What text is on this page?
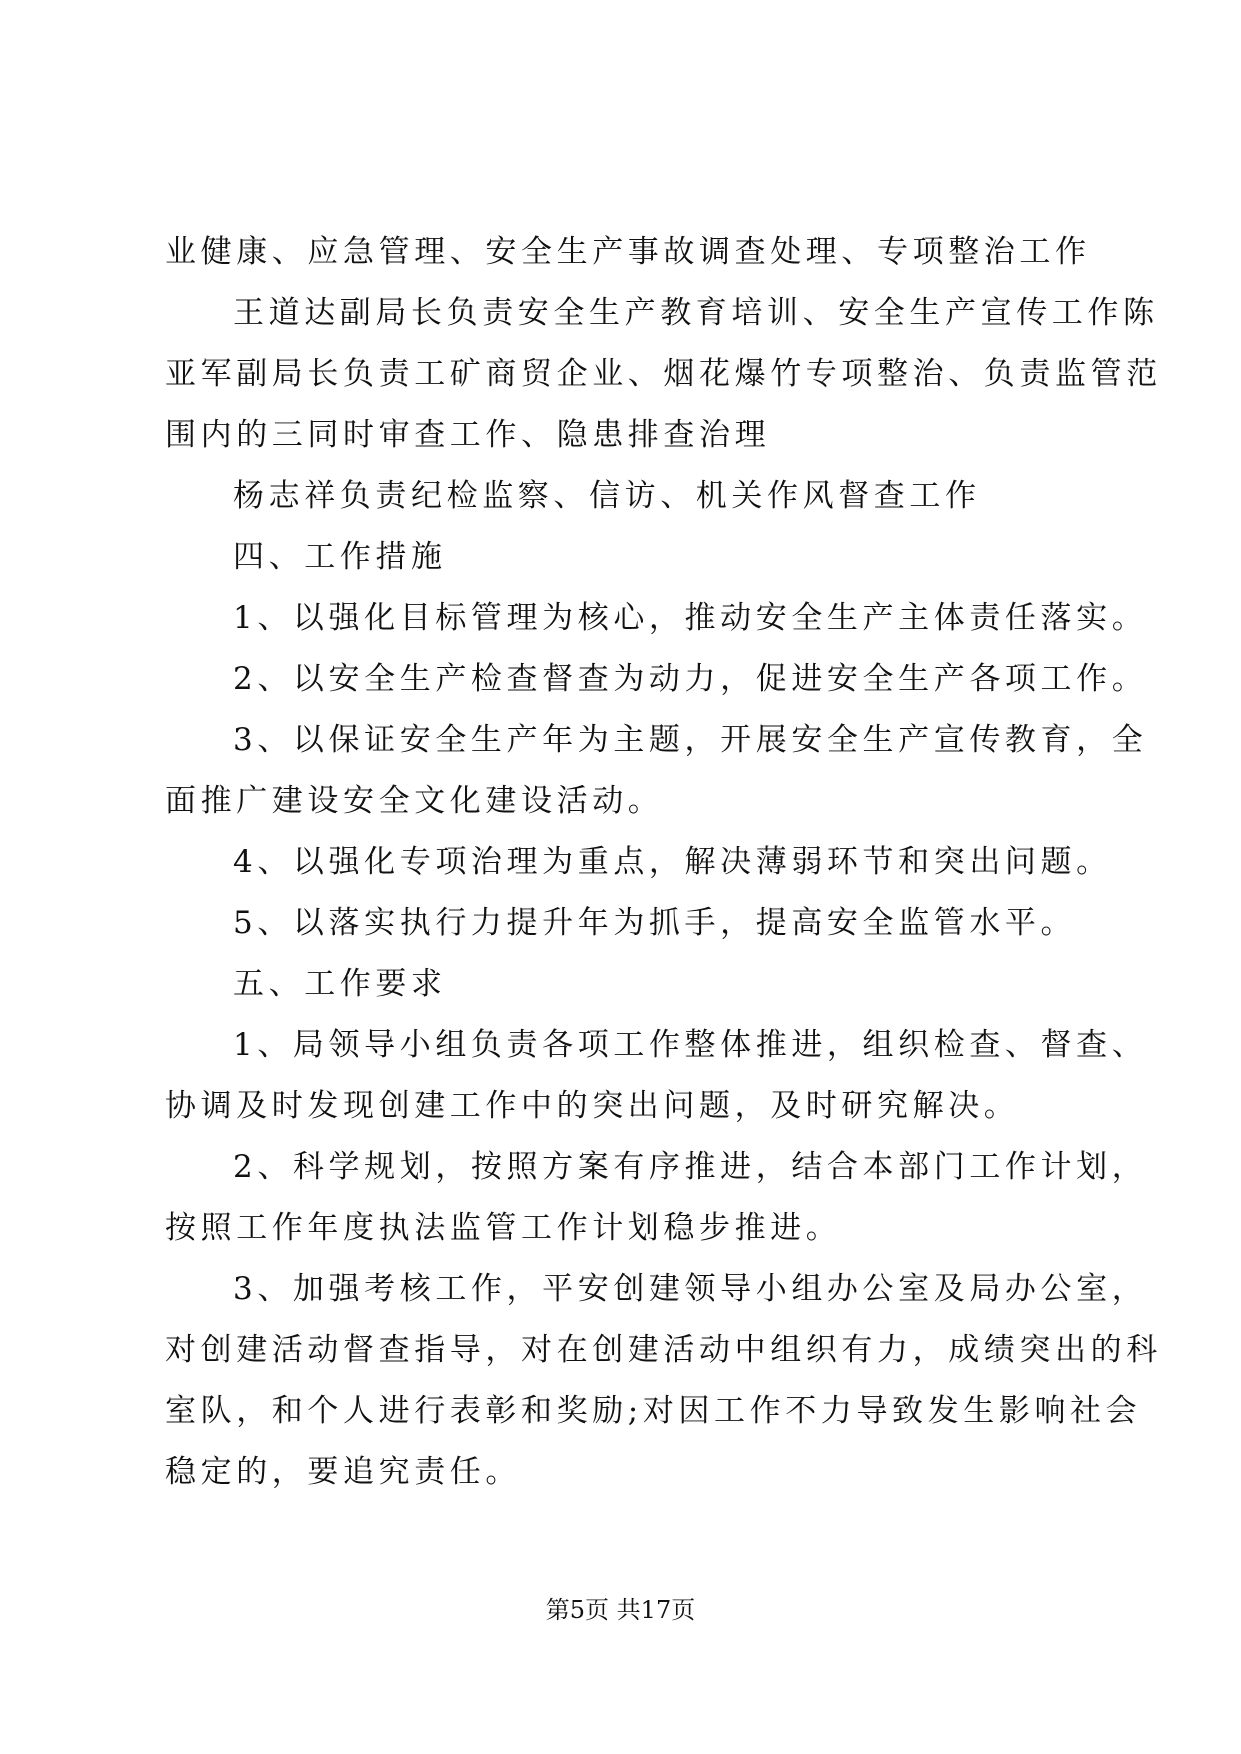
业健康、应急管理、安全生产事故调查处理、专项整治工作
王道达副局长负责安全生产教育培训、安全生产宣传工作陈
亚军副局长负责工矿商贸企业、烟花爆竹专项整治、负责监管范
围内的三同时审查工作、隐患排查治理
杨志祥负责纪检监察、信访、机关作风督查工作
四、工作措施
1、以强化目标管理为核心，推动安全生产主体责任落实。
2、以安全生产检查督查为动力，促进安全生产各项工作。
3、以保证安全生产年为主题，开展安全生产宣传教育，全
面推广建设安全文化建设活动。
4、以强化专项治理为重点，解决薄弱环节和突出问题。
5、以落实执行力提升年为抓手，提高安全监管水平。
五、工作要求
1、局领导小组负责各项工作整体推进，组织检查、督查、
协调及时发现创建工作中的突出问题，及时研究解决。
2、科学规划，按照方案有序推进，结合本部门工作计划，
按照工作年度执法监管工作计划稳步推进。
3、加强考核工作，平安创建领导小组办公室及局办公室，
对创建活动督查指导，对在创建活动中组织有力，成绩突出的科
室队，和个人进行表彰和奖励;对因工作不力导致发生影响社会
稳定的，要追究责任。
第5页 共17页
